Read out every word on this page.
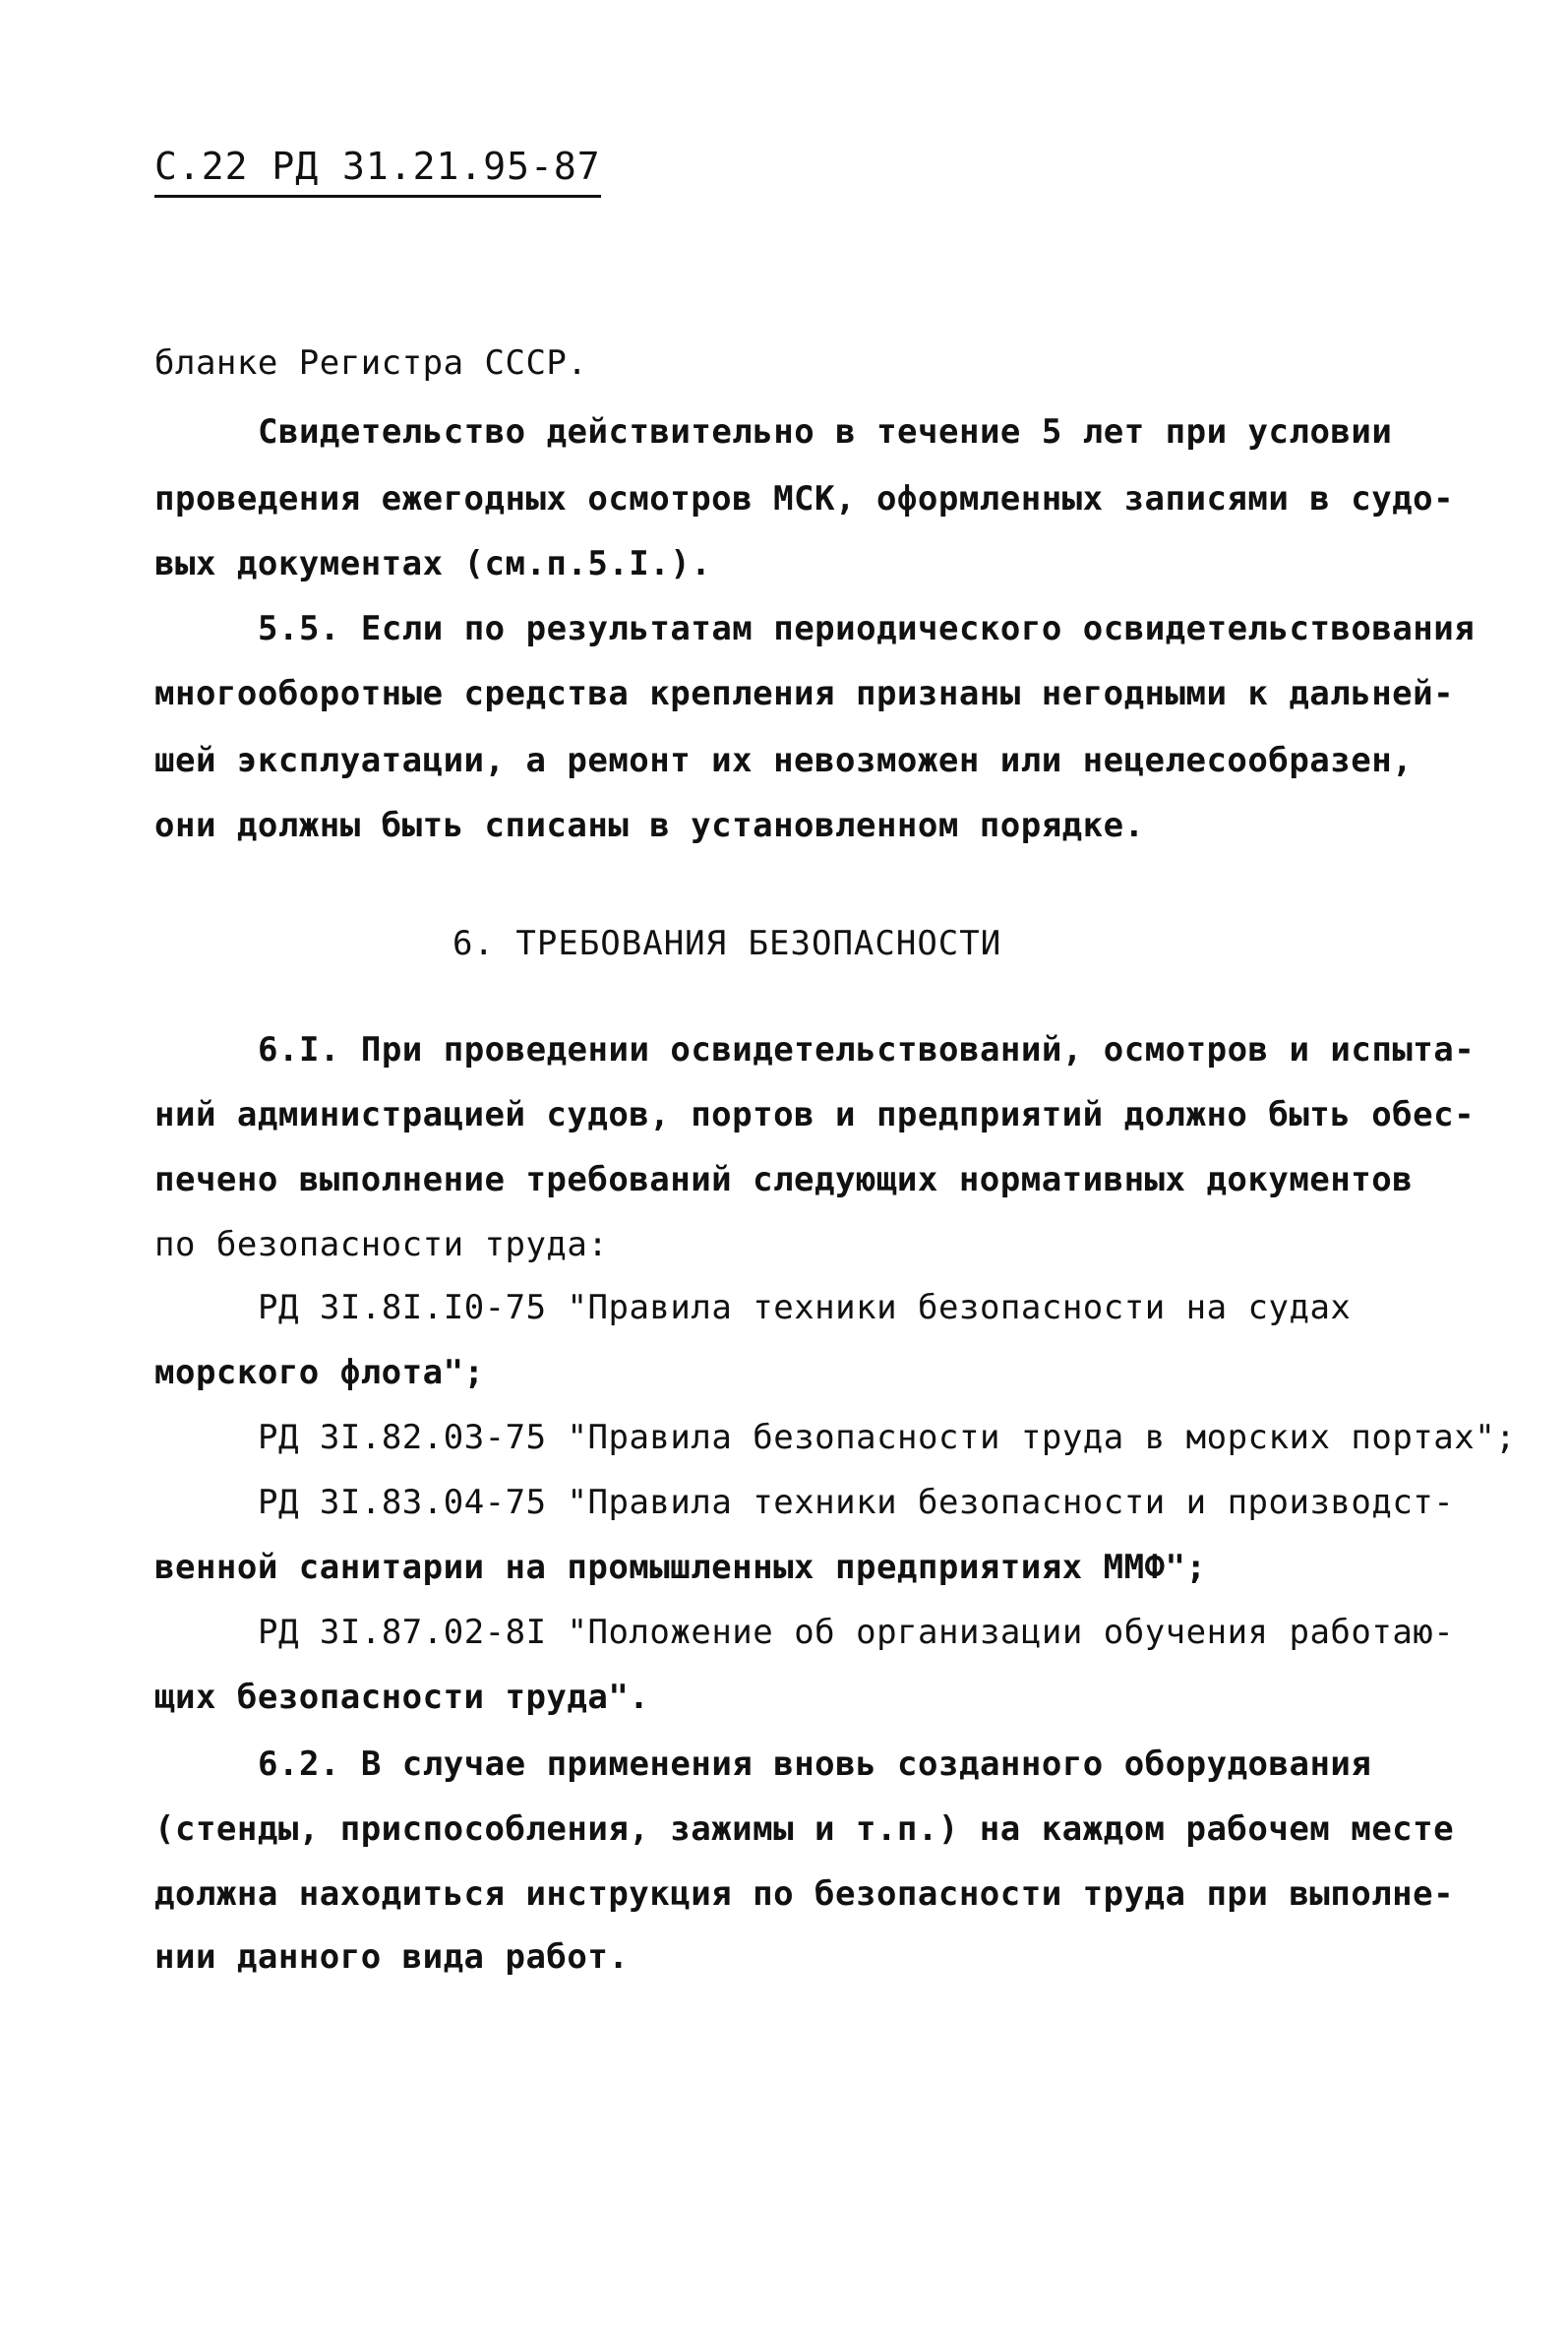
С.22 РД 31.21.95-87
бланке Регистра СССР.
Свидетельство действительно в течение 5 лет при условии
проведения ежегодных осмотров МСК, оформленных записями в судо-
вых документах (см.п.5.I.).
5.5. Если по результатам периодического освидетельствования
многооборотные средства крепления признаны негодными к дальней-
шей эксплуатации, а ремонт их невозможен или нецелесообразен,
они должны быть списаны в установленном порядке.
6. ТРЕБОВАНИЯ БЕЗОПАСНОСТИ
6.I. При проведении освидетельствований, осмотров и испыта-
ний администрацией судов, портов и предприятий должно быть обес-
печено выполнение требований следующих нормативных документов
по безопасности труда:
РД 3I.8I.I0-75 "Правила техники безопасности на судах
морского флота";
РД 3I.82.03-75 "Правила безопасности труда в морских портах";
РД 3I.83.04-75 "Правила техники безопасности и производст-
венной санитарии на промышленных предприятиях ММФ";
РД 3I.87.02-8I "Положение об организации обучения работаю-
щих безопасности труда".
6.2. В случае применения вновь созданного оборудования
(стенды, приспособления, зажимы и т.п.) на каждом рабочем месте
должна находиться инструкция по безопасности труда при выполне-
нии данного вида работ.
